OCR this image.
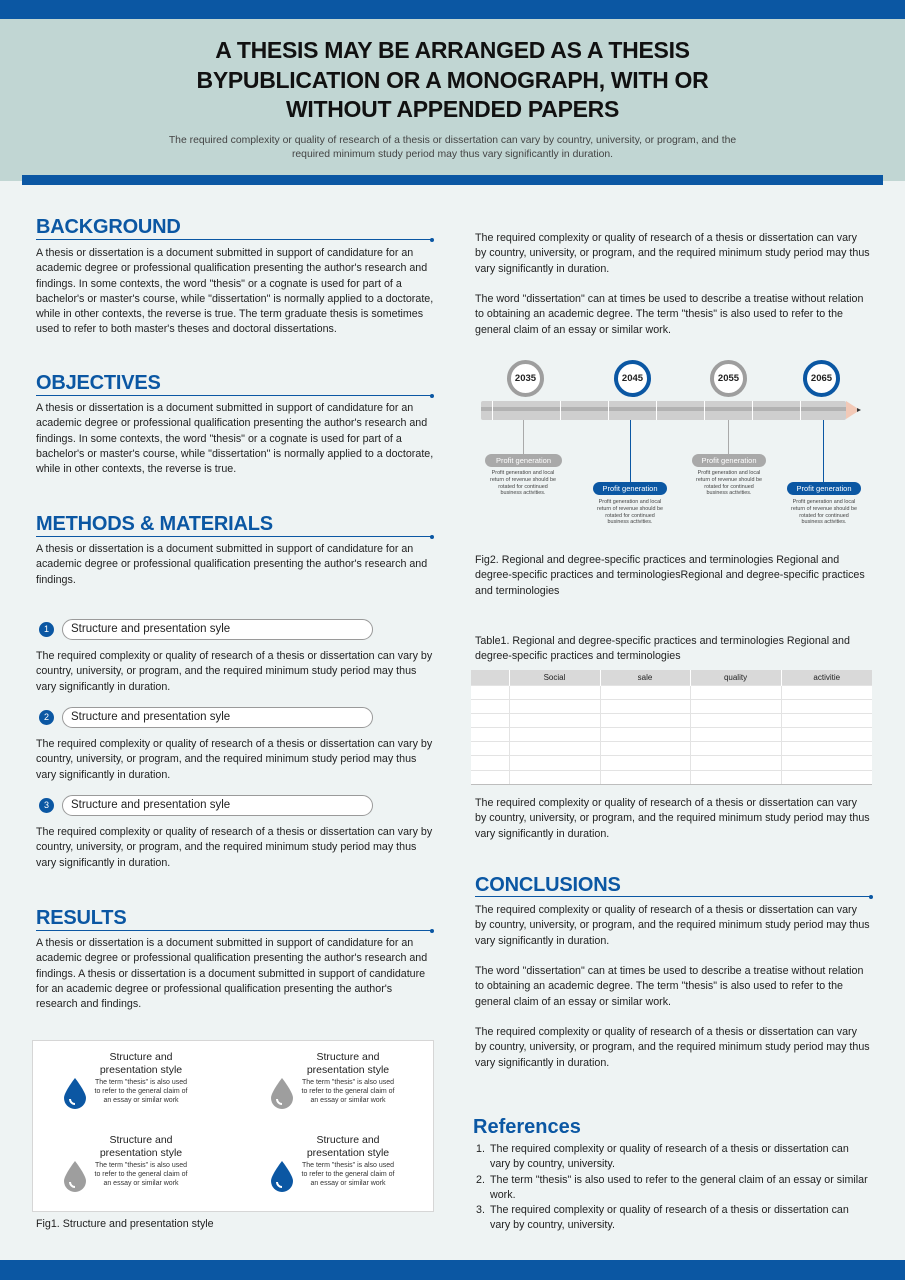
A THESIS MAY BE ARRANGED AS A THESIS
BYPUBLICATION OR A MONOGRAPH, WITH OR
WITHOUT APPENDED PAPERS

The required complexity or quality of research of a thesis or dissertation can vary by country, university, or program, and the required minimum study period may thus vary significantly in duration.

BACKGROUND

A thesis or dissertation is a document submitted in support of candidature for an academic degree or professional qualification presenting the author's research and findings. In some contexts, the word "thesis" or a cognate is used for part of a bachelor's or master's course, while "dissertation" is normally applied to a doctorate, while in other contexts, the reverse is true. The term graduate thesis is sometimes used to refer to both master's theses and doctoral dissertations.

OBJECTIVES

A thesis or dissertation is a document submitted in support of candidature for an academic degree or professional qualification presenting the author's research and findings. In some contexts, the word "thesis" or a cognate is used for part of a bachelor's or master's course, while "dissertation" is normally applied to a doctorate, while in other contexts, the reverse is true.

METHODS & MATERIALS

A thesis or dissertation is a document submitted in support of candidature for an academic degree or professional qualification presenting the author's research and findings.

1	Structure and presentation syle

The required complexity or quality of research of a thesis or dissertation can vary by country, university, or program, and the required minimum study period may thus vary significantly in duration.

2	Structure and presentation syle

The required complexity or quality of research of a thesis or dissertation can vary by country, university, or program, and the required minimum study period may thus vary significantly in duration.

3	Structure and presentation syle

The required complexity or quality of research of a thesis or dissertation can vary by country, university, or program, and the required minimum study period may thus vary significantly in duration.

RESULTS

A thesis or dissertation is a document submitted in support of candidature for an academic degree or professional qualification presenting the author's research and findings. A thesis or dissertation is a document submitted in support of candidature for an academic degree or professional qualification presenting the author's research and findings.

Structure and presentation style
The term "thesis" is also used to refer to the general claim of an essay or similar work
Structure and presentation style
The term "thesis" is also used to refer to the general claim of an essay or similar work
Structure and presentation style
The term "thesis" is also used to refer to the general claim of an essay or similar work
Structure and presentation style
The term "thesis" is also used to refer to the general claim of an essay or similar work

Fig1. Structure and presentation style

The required complexity or quality of research of a thesis or dissertation can vary by country, university, or program, and the required minimum study period may thus vary significantly in duration.

The word "dissertation" can at times be used to describe a treatise without relation to obtaining an academic degree. The term "thesis" is also used to refer to the general claim of an essay or similar work.

2035
Profit generation
Profit generation and local return of revenue should be rotated for continued business activities.
2045
Profit generation
Profit generation and local return of revenue should be rotated for continued business activities.
2055
Profit generation
Profit generation and local return of revenue should be rotated for continued business activities.
2065
Profit generation
Profit generation and local return of revenue should be rotated for continued business activities.

Fig2. Regional and degree-specific practices and terminologies Regional and degree-specific practices and terminologiesRegional and degree-specific practices and terminologies

Table1. Regional and degree-specific practices and terminologies Regional and degree-specific practices and terminologies

	Social	sale	quality	activitie

The required complexity or quality of research of a thesis or dissertation can vary by country, university, or program, and the required minimum study period may thus vary significantly in duration.

CONCLUSIONS

The required complexity or quality of research of a thesis or dissertation can vary by country, university, or program, and the required minimum study period may thus vary significantly in duration.

The word "dissertation" can at times be used to describe a treatise without relation to obtaining an academic degree. The term "thesis" is also used to refer to the general claim of an essay or similar work.

The required complexity or quality of research of a thesis or dissertation can vary by country, university, or program, and the required minimum study period may thus vary significantly in duration.

References
1. The required complexity or quality of research of a thesis or dissertation can vary by country, university.
2. The term "thesis" is also used to refer to the general claim of an essay or similar work.
3. The required complexity or quality of research of a thesis or dissertation can vary by country, university.
